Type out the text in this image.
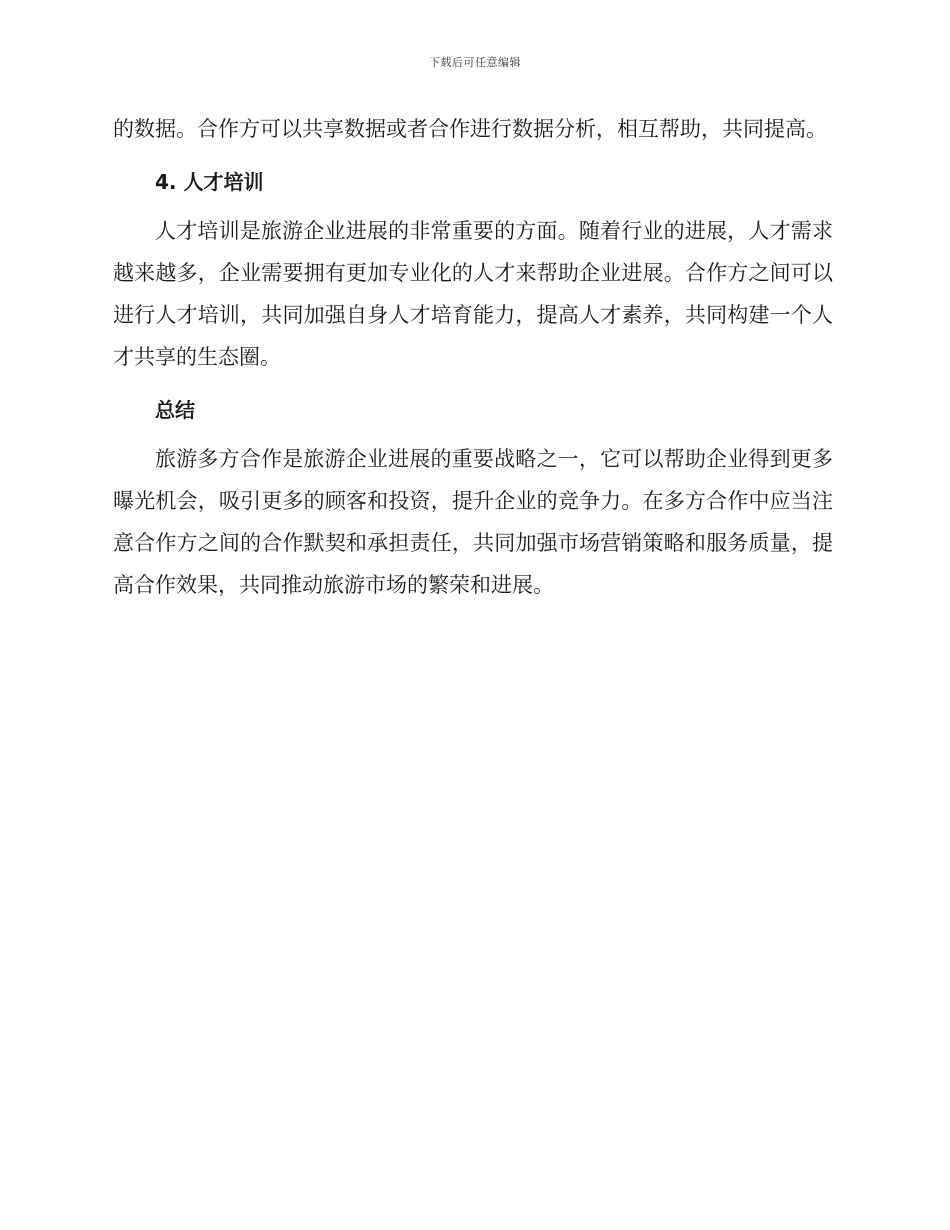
下载后可任意编辑

的数据。合作方可以共享数据或者合作进行数据分析，相互帮助，共同提高。

4. 人才培训

人才培训是旅游企业进展的非常重要的方面。随着行业的进展，人才需求越来越多，企业需要拥有更加专业化的人才来帮助企业进展。合作方之间可以进行人才培训，共同加强自身人才培育能力，提高人才素养，共同构建一个人才共享的生态圈。

总结

旅游多方合作是旅游企业进展的重要战略之一，它可以帮助企业得到更多曝光机会，吸引更多的顾客和投资，提升企业的竞争力。在多方合作中应当注意合作方之间的合作默契和承担责任，共同加强市场营销策略和服务质量，提高合作效果，共同推动旅游市场的繁荣和进展。
